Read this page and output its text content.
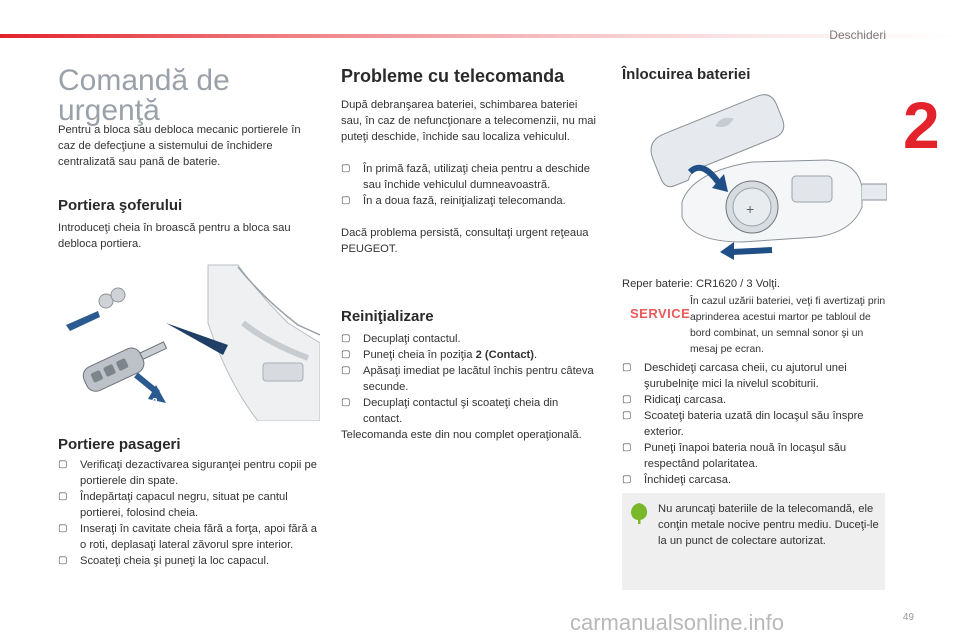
Deschideri
2
Comandă de urgenţă

Pentru a bloca sau debloca mecanic portierele în caz de defecţiune a sistemului de închidere centralizată sau pană de baterie.

Portiera şoferului

Introduceţi cheia în broască pentru a bloca sau debloca portiera.

2
Portiere pasageri
▢ Verificaţi dezactivarea siguranţei pentru copii pe portierele din spate.
▢ Îndepărtaţi capacul negru, situat pe cantul portierei, folosind cheia.
▢ Inseraţi în cavitate cheia fără a forţa, apoi fără a o roti, deplasaţi lateral zăvorul spre interior.
▢ Scoateţi cheia şi puneţi la loc capacul.
Probleme cu telecomanda

După debranşarea bateriei, schimbarea bateriei sau, în caz de nefuncţionare a telecomenzii, nu mai puteţi deschide, închide sau localiza vehiculul.

▢ În primă fază, utilizaţi cheia pentru a deschide sau închide vehiculul dumneavoastră.
▢ În a doua fază, reiniţializaţi telecomanda.

Dacă problema persistă, consultaţi urgent reţeaua PEUGEOT.

Reiniţializare
▢ Decuplaţi contactul.
▢ Puneţi cheia în poziţia 2 (Contact).
▢ Apăsaţi imediat pe lacătul închis pentru câteva secunde.
▢ Decuplaţi contactul şi scoateţi cheia din contact.

Telecomanda este din nou complet operaţională.

Înlocuirea bateriei
+

Reper baterie: CR1620 / 3 Volţi.

SERVICE

În cazul uzării bateriei, veţi fi avertizaţi prin aprinderea acestui martor pe tabloul de bord combinat, un semnal sonor şi un mesaj pe ecran.

▢ Deschideţi carcasa cheii, cu ajutorul unei şurubelniţe mici la nivelul scobiturii.
▢ Ridicaţi carcasa.
▢ Scoateţi bateria uzată din locaşul său înspre exterior.
▢ Puneţi înapoi bateria nouă în locaşul său respectând polaritatea.
▢ Închideţi carcasa.

Nu aruncaţi bateriile de la telecomandă, ele conţin metale nocive pentru mediu. Duceţi-le la un punct de colectare autorizat.

carmanualsonline.info	49
